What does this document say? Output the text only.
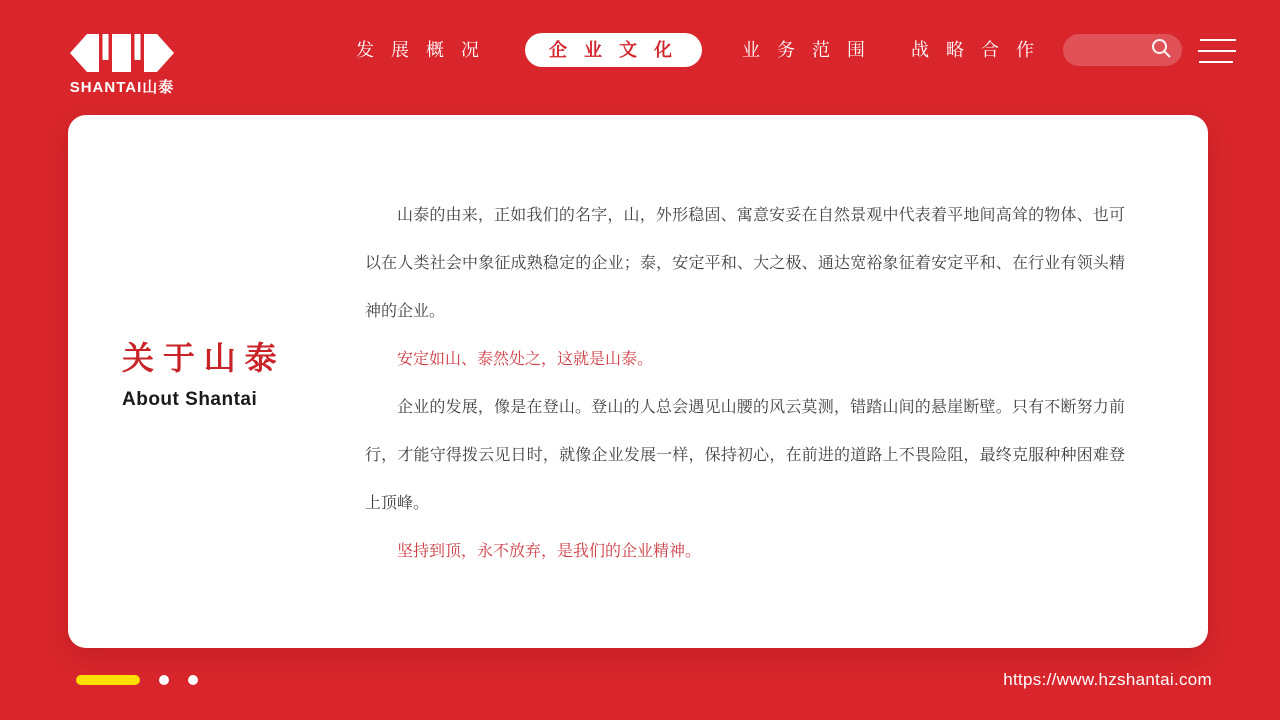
SHANTAI山泰
发 展 概 况	企 业 文 化	业 务 范 围 战 略 合 作
关 于 山 泰
About Shantai

山泰的由来，正如我们的名字，山，外形稳固、寓意安妥在自然景观中代表着平地间高耸的物体、也可以在人类社会中象征成熟稳定的企业；泰，安定平和、大之极、通达宽裕象征着安定平和、在行业有领头精神的企业。

安定如山、泰然处之，这就是山泰。

企业的发展，像是在登山。登山的人总会遇见山腰的风云莫测，错踏山间的悬崖断壁。只有不断努力前行，才能守得拨云见日时，就像企业发展一样，保持初心，在前进的道路上不畏险阻，最终克服种种困难登上顶峰。

坚持到顶，永不放弃，是我们的企业精神。

https://www.hzshantai.com
